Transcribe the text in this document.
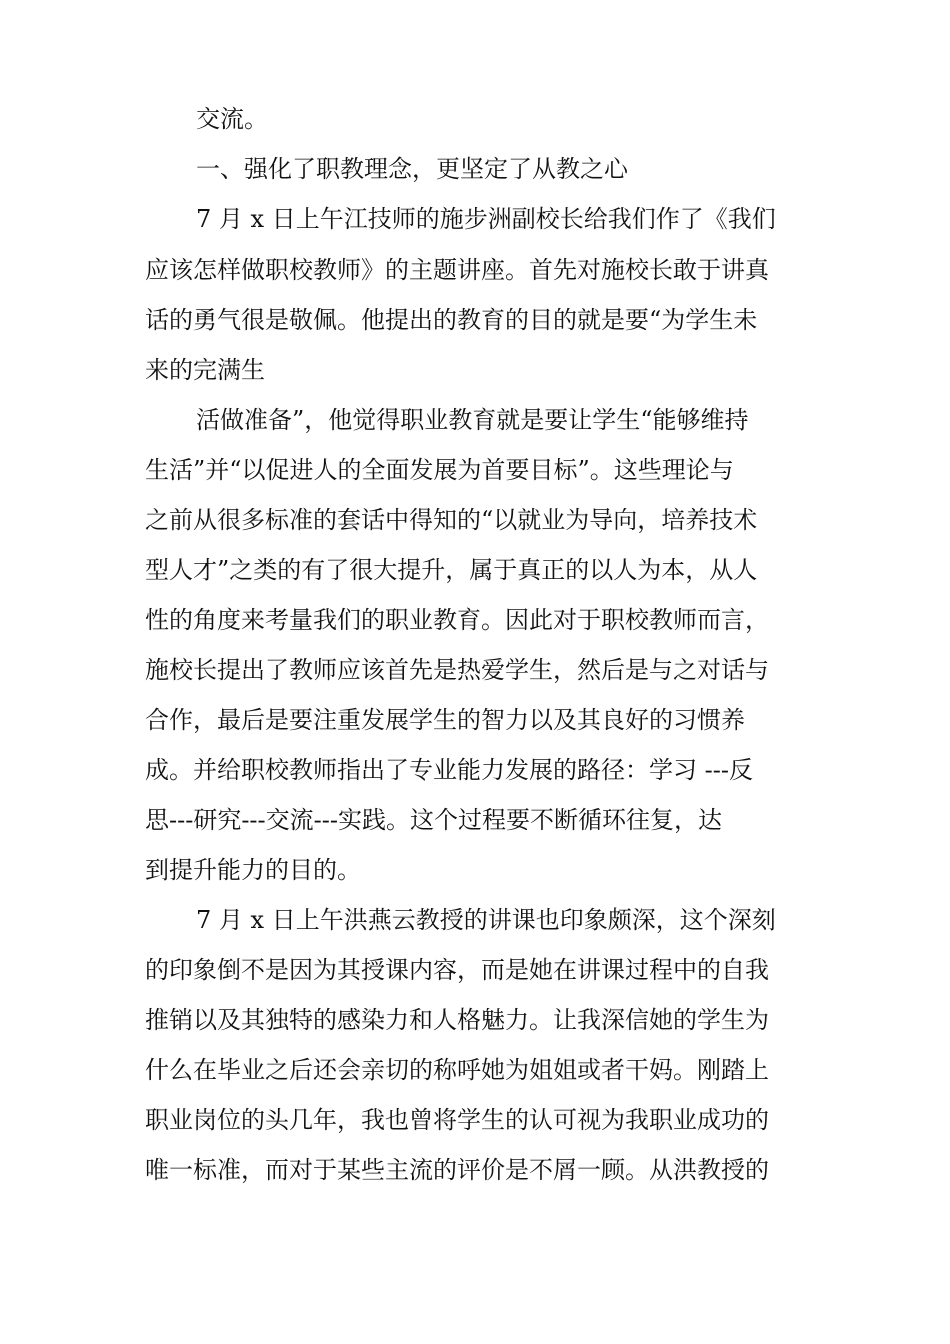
交流。
一、强化了职教理念，更坚定了从教之心
7 月 x 日上午江技师的施步洲副校长给我们作了《我们
应该怎样做职校教师》的主题讲座。首先对施校长敢于讲真
话的勇气很是敬佩。他提出的教育的目的就是要“为学生未
来的完满生
活做准备”，他觉得职业教育就是要让学生“能够维持
生活”并“以促进人的全面发展为首要目标”。这些理论与
之前从很多标准的套话中得知的“以就业为导向，培养技术
型人才”之类的有了很大提升，属于真正的以人为本，从人
性的角度来考量我们的职业教育。因此对于职校教师而言，
施校长提出了教师应该首先是热爱学生，然后是与之对话与
合作，最后是要注重发展学生的智力以及其良好的习惯养
成。并给职校教师指出了专业能力发展的路径：学习 ---反
思---研究---交流---实践。这个过程要不断循环往复，达
到提升能力的目的。
7 月 x 日上午洪燕云教授的讲课也印象颇深，这个深刻
的印象倒不是因为其授课内容，而是她在讲课过程中的自我
推销以及其独特的感染力和人格魅力。让我深信她的学生为
什么在毕业之后还会亲切的称呼她为姐姐或者干妈。刚踏上
职业岗位的头几年，我也曾将学生的认可视为我职业成功的
唯一标准，而对于某些主流的评价是不屑一顾。从洪教授的
